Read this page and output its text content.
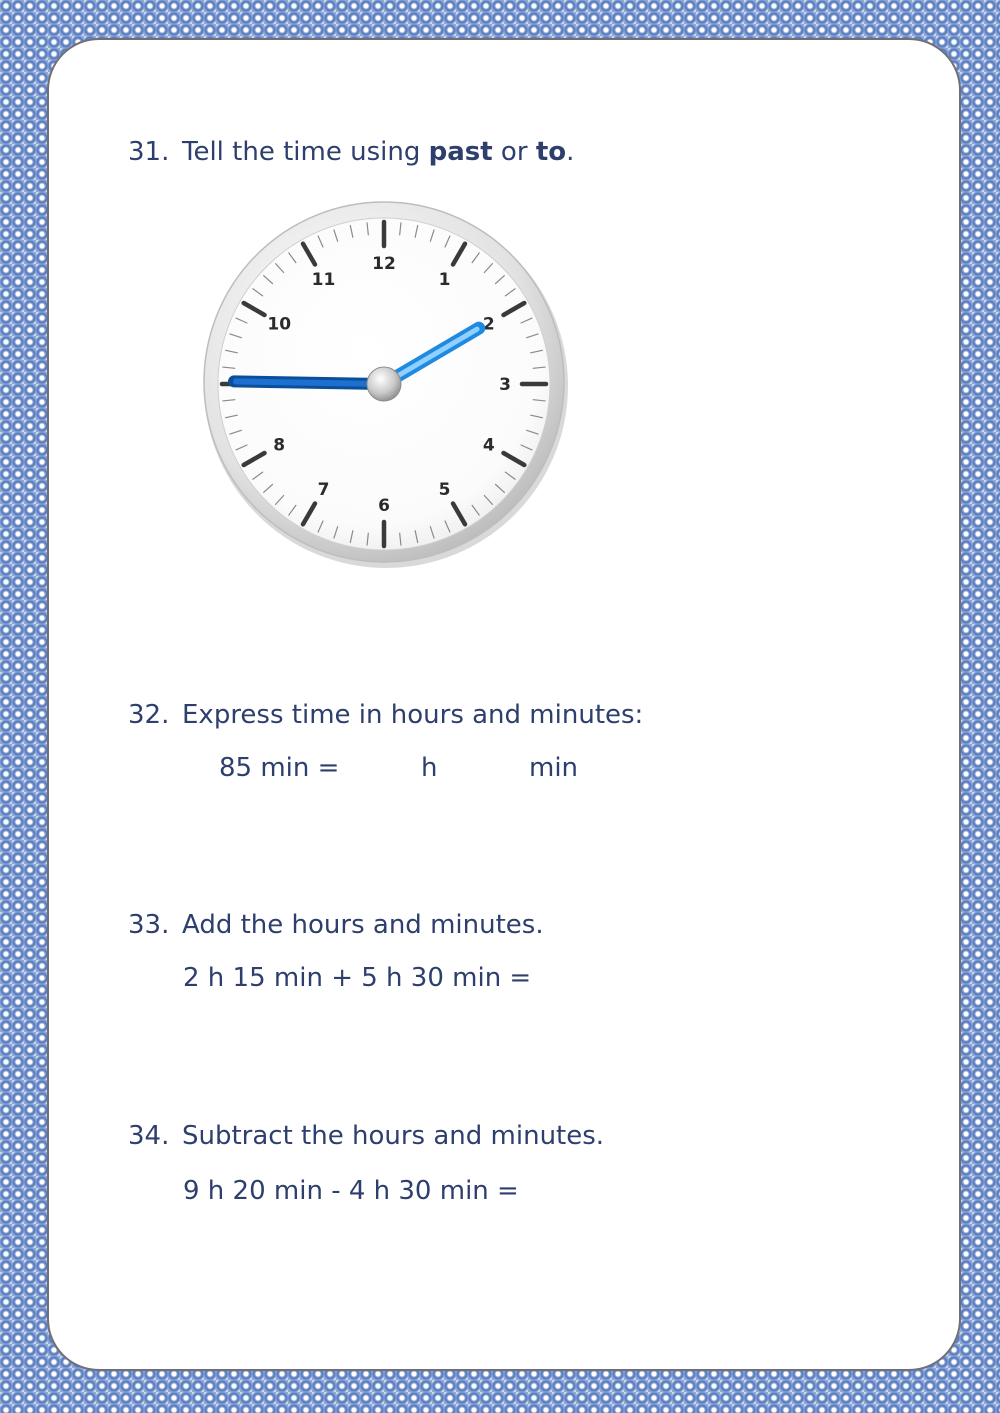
31. Tell the time using past or to.
12
1
2
3
4
5
6
7
8
10
11
32. Express time in hours and minutes:
85 min =	h	min
33. Add the hours and minutes.
2 h 15 min + 5 h 30 min =
34. Subtract the hours and minutes.
9 h 20 min - 4 h 30 min =
